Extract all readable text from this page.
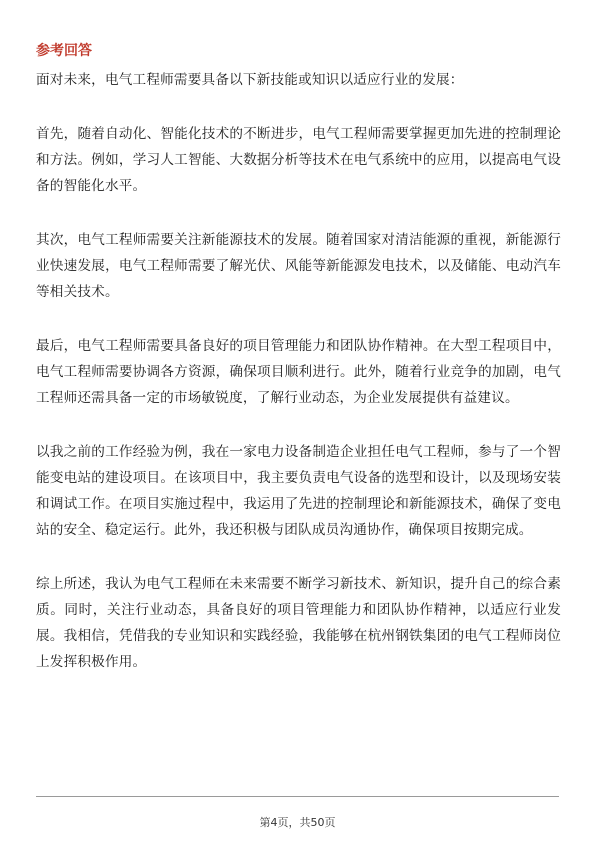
参考回答

面对未来，电气工程师需要具备以下新技能或知识以适应行业的发展：

首先，随着自动化、智能化技术的不断进步，电气工程师需要掌握更加先进的控制理论和方法。例如，学习人工智能、大数据分析等技术在电气系统中的应用，以提高电气设备的智能化水平。

其次，电气工程师需要关注新能源技术的发展。随着国家对清洁能源的重视，新能源行业快速发展，电气工程师需要了解光伏、风能等新能源发电技术，以及储能、电动汽车等相关技术。

最后，电气工程师需要具备良好的项目管理能力和团队协作精神。在大型工程项目中，电气工程师需要协调各方资源，确保项目顺利进行。此外，随着行业竞争的加剧，电气工程师还需具备一定的市场敏锐度，了解行业动态，为企业发展提供有益建议。

以我之前的工作经验为例，我在一家电力设备制造企业担任电气工程师，参与了一个智能变电站的建设项目。在该项目中，我主要负责电气设备的选型和设计，以及现场安装和调试工作。在项目实施过程中，我运用了先进的控制理论和新能源技术，确保了变电站的安全、稳定运行。此外，我还积极与团队成员沟通协作，确保项目按期完成。

综上所述，我认为电气工程师在未来需要不断学习新技术、新知识，提升自己的综合素质。同时，关注行业动态，具备良好的项目管理能力和团队协作精神，以适应行业发展。我相信，凭借我的专业知识和实践经验，我能够在杭州钢铁集团的电气工程师岗位上发挥积极作用。

第4页，共50页
